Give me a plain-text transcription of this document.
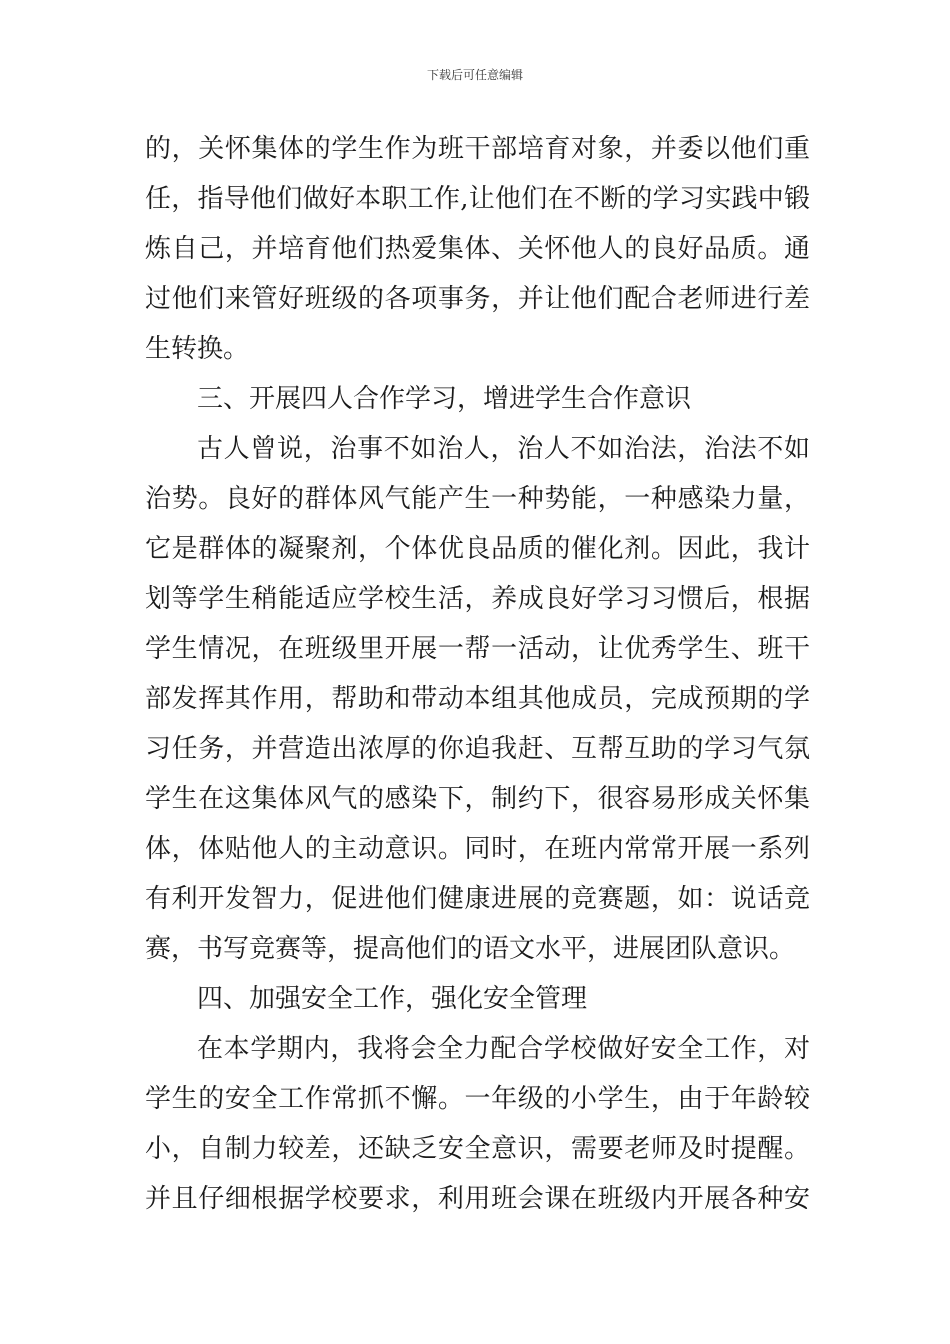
下载后可任意编辑
的，关怀集体的学生作为班干部培育对象，并委以他们重
任，指导他们做好本职工作,让他们在不断的学习实践中锻
炼自己，并培育他们热爱集体、关怀他人的良好品质。通
过他们来管好班级的各项事务，并让他们配合老师进行差
生转换。
三、开展四人合作学习，增进学生合作意识
古人曾说，治事不如治人，治人不如治法，治法不如
治势。良好的群体风气能产生一种势能，一种感染力量，
它是群体的凝聚剂，个体优良品质的催化剂。因此，我计
划等学生稍能适应学校生活，养成良好学习习惯后，根据
学生情况，在班级里开展一帮一活动，让优秀学生、班干
部发挥其作用，帮助和带动本组其他成员，完成预期的学
习任务，并营造出浓厚的你追我赶、互帮互助的学习气氛
学生在这集体风气的感染下，制约下，很容易形成关怀集
体，体贴他人的主动意识。同时，在班内常常开展一系列
有利开发智力，促进他们健康进展的竞赛题，如：说话竞
赛，书写竞赛等，提高他们的语文水平，进展团队意识。
四、加强安全工作，强化安全管理
在本学期内，我将会全力配合学校做好安全工作，对
学生的安全工作常抓不懈。一年级的小学生，由于年龄较
小，自制力较差，还缺乏安全意识，需要老师及时提醒。
并且仔细根据学校要求，利用班会课在班级内开展各种安
